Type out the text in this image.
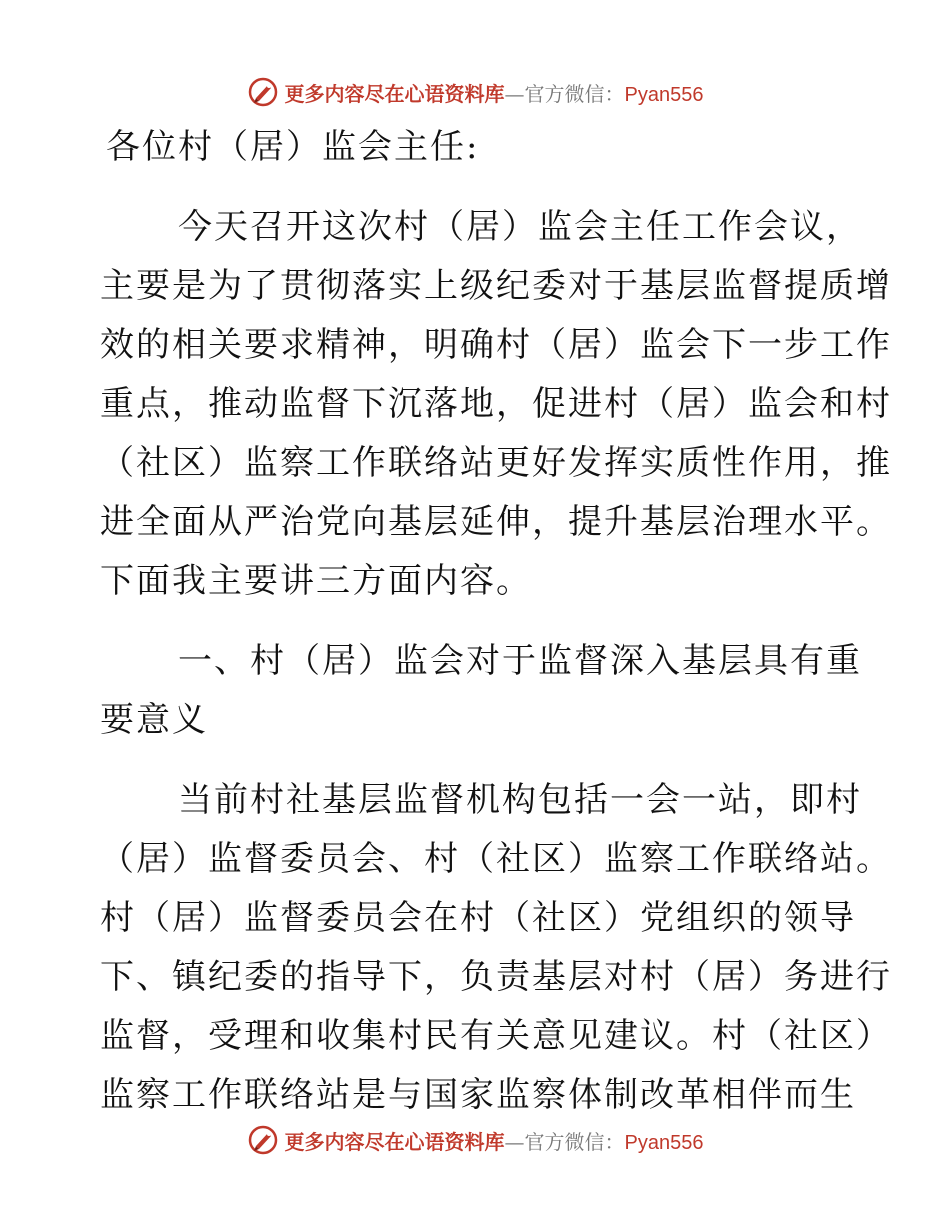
更多内容尽在心语资料库—官方微信：Pyan556
各位村（居）监会主任:
今天召开这次村（居）监会主任工作会议，
主要是为了贯彻落实上级纪委对于基层监督提质增
效的相关要求精神，明确村（居）监会下一步工作
重点，推动监督下沉落地，促进村（居）监会和村
（社区）监察工作联络站更好发挥实质性作用，推
进全面从严治党向基层延伸，提升基层治理水平。
下面我主要讲三方面内容。
一、村（居）监会对于监督深入基层具有重
要意义
当前村社基层监督机构包括一会一站，即村
（居）监督委员会、村（社区）监察工作联络站。
村（居）监督委员会在村（社区）党组织的领导
下、镇纪委的指导下，负责基层对村（居）务进行
监督，受理和收集村民有关意见建议。村（社区）
监察工作联络站是与国家监察体制改革相伴而生
更多内容尽在心语资料库—官方微信：Pyan556
